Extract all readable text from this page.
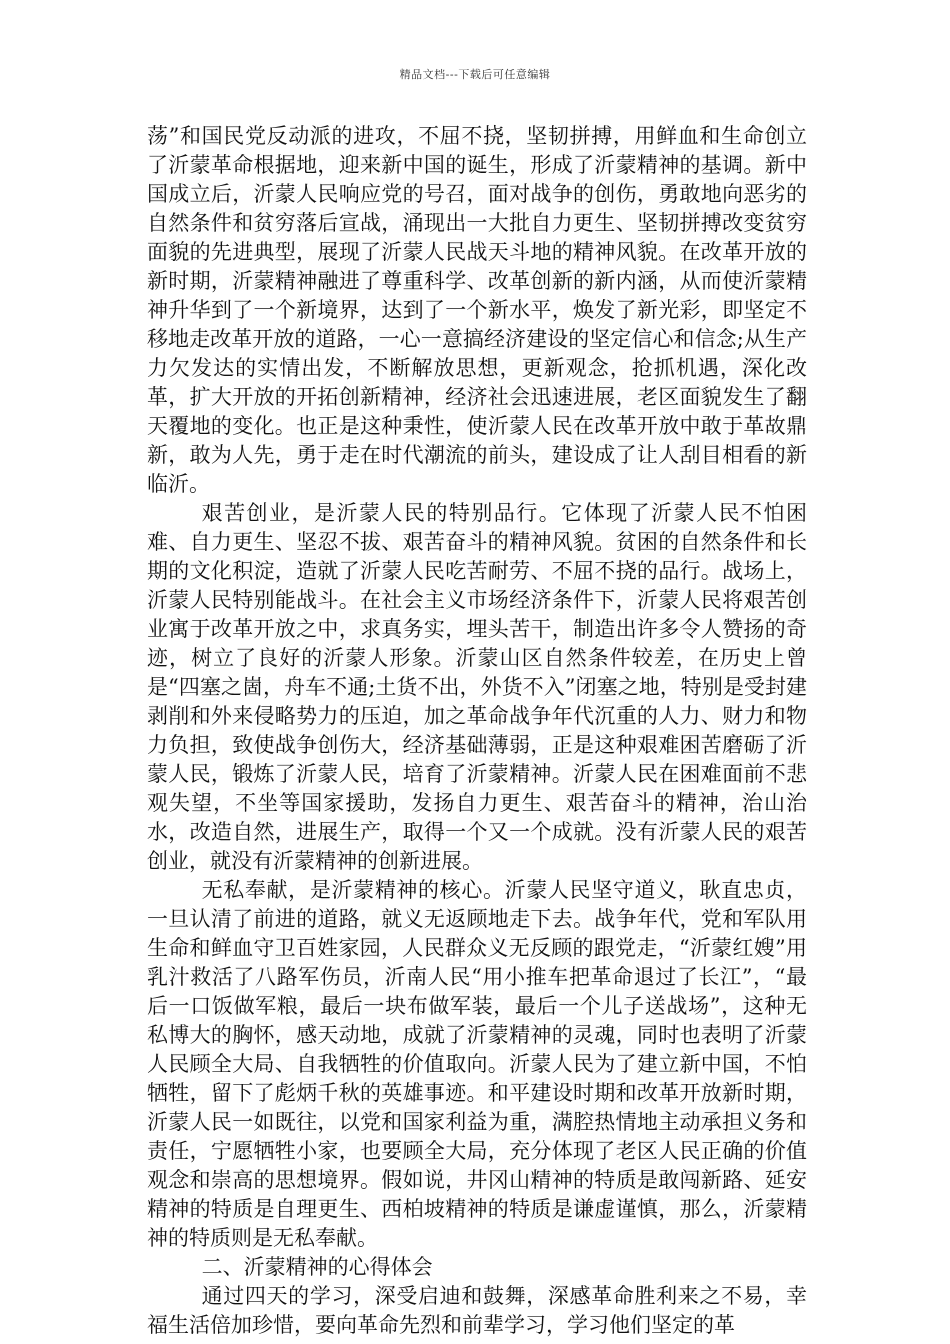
精品文档---下载后可任意编辑

荡”和国民党反动派的进攻，不屈不挠，坚韧拼搏，用鲜血和生命创立了沂蒙革命根据地，迎来新中国的诞生，形成了沂蒙精神的基调。新中国成立后，沂蒙人民响应党的号召，面对战争的创伤，勇敢地向恶劣的自然条件和贫穷落后宣战，涌现出一大批自力更生、坚韧拼搏改变贫穷面貌的先进典型，展现了沂蒙人民战天斗地的精神风貌。在改革开放的新时期，沂蒙精神融进了尊重科学、改革创新的新内涵，从而使沂蒙精神升华到了一个新境界，达到了一个新水平，焕发了新光彩，即坚定不移地走改革开放的道路，一心一意搞经济建设的坚定信心和信念;从生产力欠发达的实情出发，不断解放思想，更新观念，抢抓机遇，深化改革，扩大开放的开拓创新精神，经济社会迅速进展，老区面貌发生了翻天覆地的变化。也正是这种秉性，使沂蒙人民在改革开放中敢于革故鼎新，敢为人先，勇于走在时代潮流的前头，建设成了让人刮目相看的新临沂。

艰苦创业，是沂蒙人民的特别品行。它体现了沂蒙人民不怕困难、自力更生、坚忍不拔、艰苦奋斗的精神风貌。贫困的自然条件和长期的文化积淀，造就了沂蒙人民吃苦耐劳、不屈不挠的品行。战场上，沂蒙人民特别能战斗。在社会主义市场经济条件下，沂蒙人民将艰苦创业寓于改革开放之中，求真务实，埋头苦干，制造出许多令人赞扬的奇迹，树立了良好的沂蒙人形象。沂蒙山区自然条件较差，在历史上曾是“四塞之崮，舟车不通;土货不出，外货不入”闭塞之地，特别是受封建剥削和外来侵略势力的压迫，加之革命战争年代沉重的人力、财力和物力负担，致使战争创伤大，经济基础薄弱，正是这种艰难困苦磨砺了沂蒙人民，锻炼了沂蒙人民，培育了沂蒙精神。沂蒙人民在困难面前不悲观失望，不坐等国家援助，发扬自力更生、艰苦奋斗的精神，治山治水，改造自然，进展生产，取得一个又一个成就。没有沂蒙人民的艰苦创业，就没有沂蒙精神的创新进展。

无私奉献，是沂蒙精神的核心。沂蒙人民坚守道义，耿直忠贞，一旦认清了前进的道路，就义无返顾地走下去。战争年代，党和军队用生命和鲜血守卫百姓家园，人民群众义无反顾的跟党走，“沂蒙红嫂”用乳汁救活了八路军伤员，沂南人民“用小推车把革命退过了长江”，“最后一口饭做军粮，最后一块布做军装，最后一个儿子送战场”，这种无私博大的胸怀，感天动地，成就了沂蒙精神的灵魂，同时也表明了沂蒙人民顾全大局、自我牺牲的价值取向。沂蒙人民为了建立新中国，不怕牺牲，留下了彪炳千秋的英雄事迹。和平建设时期和改革开放新时期，沂蒙人民一如既往，以党和国家利益为重，满腔热情地主动承担义务和责任，宁愿牺牲小家，也要顾全大局，充分体现了老区人民正确的价值观念和崇高的思想境界。假如说，井冈山精神的特质是敢闯新路、延安精神的特质是自理更生、西柏坡精神的特质是谦虚谨慎，那么，沂蒙精神的特质则是无私奉献。

二、沂蒙精神的心得体会

通过四天的学习，深受启迪和鼓舞，深感革命胜利来之不易，幸福生活倍加珍惜，要向革命先烈和前辈学习，学习他们坚定的革
